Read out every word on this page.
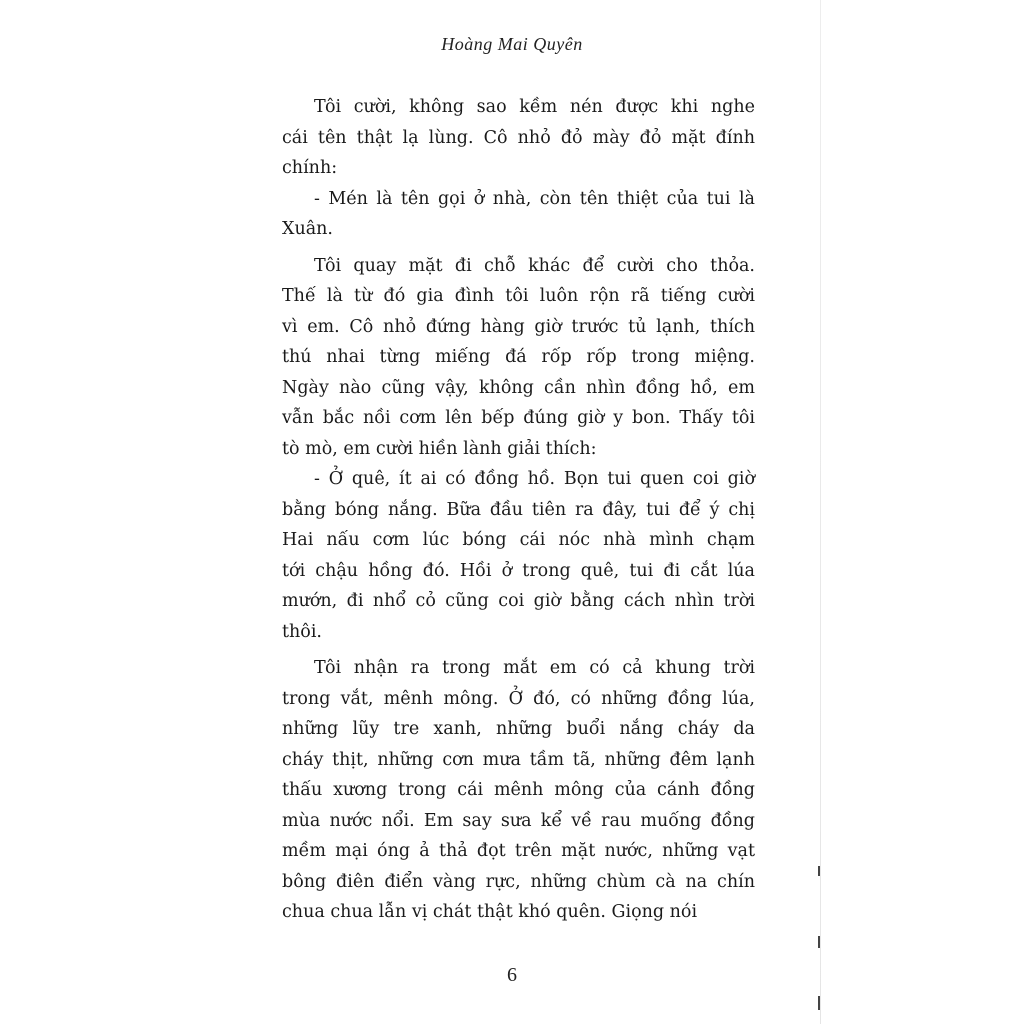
Hoàng Mai Quyên
Tôi cười, không sao kềm nén được khi nghe
cái tên thật lạ lùng. Cô nhỏ đỏ mày đỏ mặt đính
chính:
- Mén là tên gọi ở nhà, còn tên thiệt của tui là
Xuân.
Tôi quay mặt đi chỗ khác để cười cho thỏa.
Thế là từ đó gia đình tôi luôn rộn rã tiếng cười
vì em. Cô nhỏ đứng hàng giờ trước tủ lạnh, thích
thú nhai từng miếng đá rốp rốp trong miệng.
Ngày nào cũng vậy, không cần nhìn đồng hồ, em
vẫn bắc nồi cơm lên bếp đúng giờ y bon. Thấy tôi
tò mò, em cười hiền lành giải thích:
- Ở quê, ít ai có đồng hồ. Bọn tui quen coi giờ
bằng bóng nắng. Bữa đầu tiên ra đây, tui để ý chị
Hai nấu cơm lúc bóng cái nóc nhà mình chạm
tới chậu hồng đó. Hồi ở trong quê, tui đi cắt lúa
mướn, đi nhổ cỏ cũng coi giờ bằng cách nhìn trời
thôi.
Tôi nhận ra trong mắt em có cả khung trời
trong vắt, mênh mông. Ở đó, có những đồng lúa,
những lũy tre xanh, những buổi nắng cháy da
cháy thịt, những cơn mưa tầm tã, những đêm lạnh
thấu xương trong cái mênh mông của cánh đồng
mùa nước nổi. Em say sưa kể về rau muống đồng
mềm mại óng ả thả đọt trên mặt nước, những vạt
bông điên điển vàng rực, những chùm cà na chín
chua chua lẫn vị chát thật khó quên. Giọng nói
6
